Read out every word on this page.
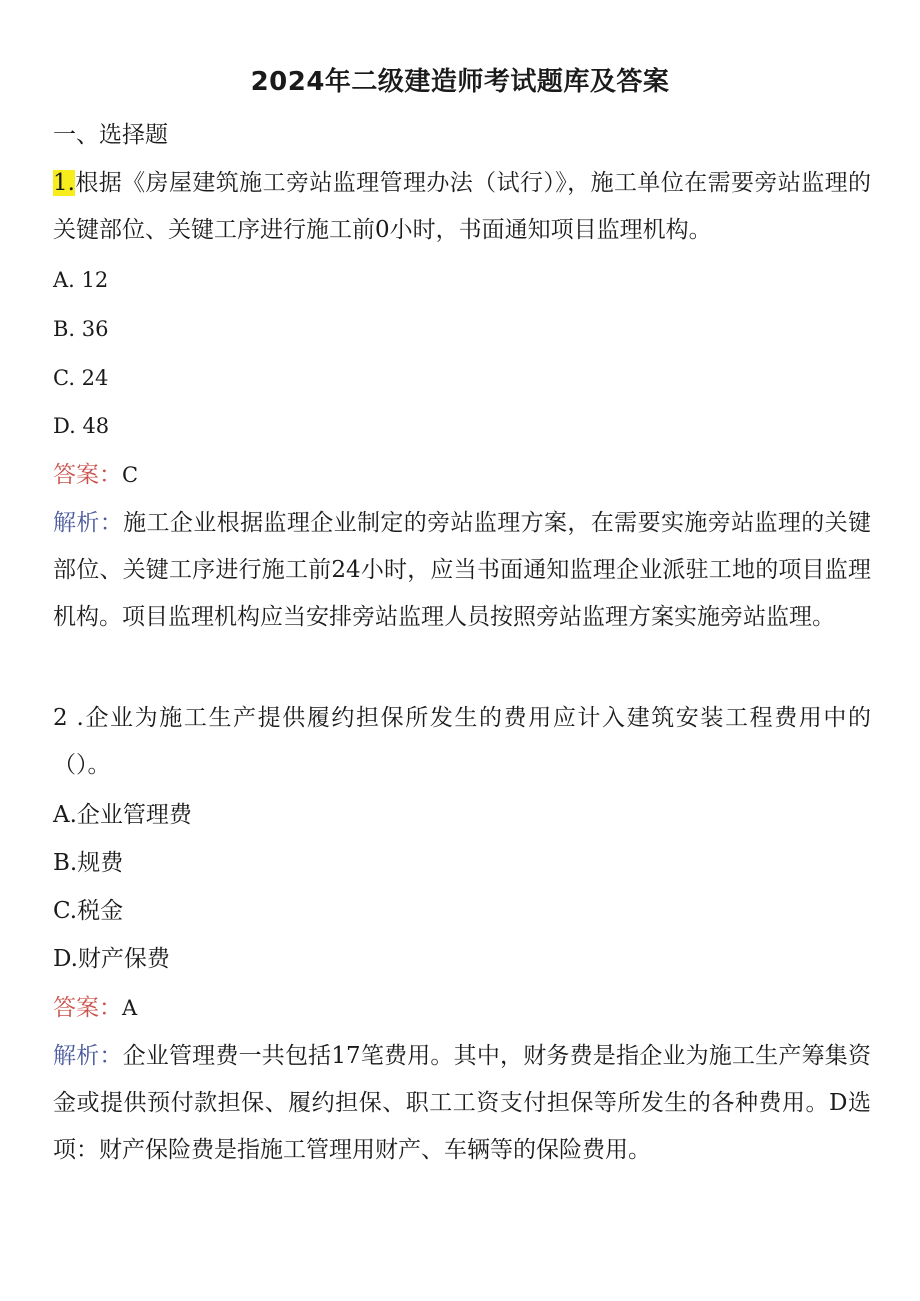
2024年二级建造师考试题库及答案
一、选择题
1.根据《房屋建筑施工旁站监理管理办法（试行）》，施工单位在需要旁站监理的关键部位、关键工序进行施工前0小时，书面通知项目监理机构。
A. 12
B. 36
C. 24
D. 48
答案：C
解析：施工企业根据监理企业制定的旁站监理方案，在需要实施旁站监理的关键部位、关键工序进行施工前24小时，应当书面通知监理企业派驻工地的项目监理机构。项目监理机构应当安排旁站监理人员按照旁站监理方案实施旁站监理。
2 .企业为施工生产提供履约担保所发生的费用应计入建筑安装工程费用中的（）。
A.企业管理费
B.规费
C.税金
D.财产保费
答案：A
解析：企业管理费一共包括17笔费用。其中，财务费是指企业为施工生产筹集资金或提供预付款担保、履约担保、职工工资支付担保等所发生的各种费用。D选项：财产保险费是指施工管理用财产、车辆等的保险费用。
